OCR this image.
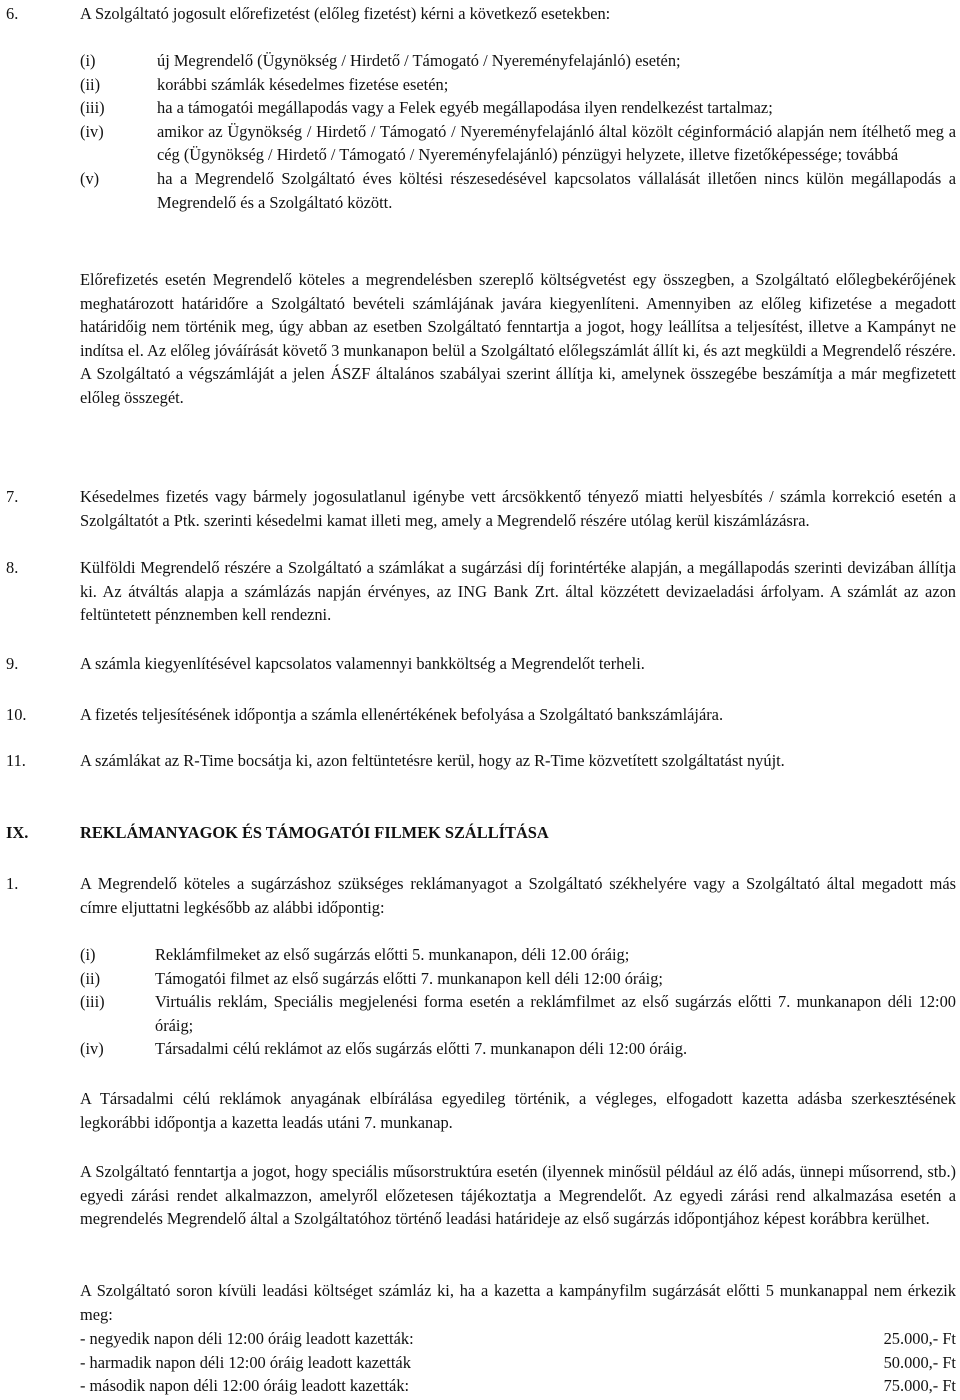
6.	A Szolgáltató jogosult előrefizetést (előleg fizetést) kérni a következő esetekben:
(i)	új Megrendelő (Ügynökség / Hirdető / Támogató / Nyereményfelajánló) esetén;
(ii)	korábbi számlák késedelmes fizetése esetén;
(iii)	ha a támogatói megállapodás vagy a Felek egyéb megállapodása ilyen rendelkezést tartalmaz;
(iv)	amikor az Ügynökség / Hirdető / Támogató / Nyereményfelajánló által közölt céginformáció alapján nem ítélhető meg a cég (Ügynökség / Hirdető / Támogató / Nyereményfelajánló) pénzügyi helyzete, illetve fizetőképessége; továbbá
(v)	ha a Megrendelő Szolgáltató éves költési részesedésével kapcsolatos vállalását illetően nincs külön megállapodás a Megrendelő és a Szolgáltató között.
Előrefizetés esetén Megrendelő köteles a megrendelésben szereplő költségvetést egy összegben, a Szolgáltató előlegbekérőjének meghatározott határidőre a Szolgáltató bevételi számlájának javára kiegyenlíteni. Amennyiben az előleg kifizetése a megadott határidőig nem történik meg, úgy abban az esetben Szolgáltató fenntartja a jogot, hogy leállítsa a teljesítést, illetve a Kampányt ne indítsa el. Az előleg jóváírását követő 3 munkanapon belül a Szolgáltató előlegszámlát állít ki, és azt megküldi a Megrendelő részére. A Szolgáltató a végszámláját a jelen ÁSZF általános szabályai szerint állítja ki, amelynek összegébe beszámítja a már megfizetett előleg összegét.
7.	Késedelmes fizetés vagy bármely jogosulatlanul igénybe vett árcsökkentő tényező miatti helyesbítés / számla korrekció esetén a Szolgáltatót a Ptk. szerinti késedelmi kamat illeti meg, amely a Megrendelő részére utólag kerül kiszámlázásra.
8.	Külföldi Megrendelő részére a Szolgáltató a számlákat a sugárzási díj forintértéke alapján, a megállapodás szerinti devizában állítja ki. Az átváltás alapja a számlázás napján érvényes, az ING Bank Zrt. által közzétett devizaeladási árfolyam. A számlát az azon feltüntetett pénznemben kell rendezni.
9.	A számla kiegyenlítésével kapcsolatos valamennyi bankköltség a Megrendelőt terheli.
10.	A fizetés teljesítésének időpontja a számla ellenértékének befolyása a Szolgáltató bankszámlájára.
11.	A számlákat az R-Time bocsátja ki, azon feltüntetésre kerül, hogy az R-Time közvetített szolgáltatást nyújt.
IX.	REKLÁMANYAGOK ÉS TÁMOGATÓI FILMEK SZÁLLÍTÁSA
1.	A Megrendelő köteles a sugárzáshoz szükséges reklámanyagot a Szolgáltató székhelyére vagy a Szolgáltató által megadott más címre eljuttatni legkésőbb az alábbi időpontig:
(i)	Reklámfilmeket az első sugárzás előtti 5. munkanapon, déli 12.00 óráig;
(ii)	Támogatói filmet az első sugárzás előtti 7. munkanapon kell déli 12:00 óráig;
(iii)	Virtuális reklám, Speciális megjelenési forma esetén a reklámfilmet az első sugárzás előtti 7. munkanapon déli 12:00 óráig;
(iv)	Társadalmi célú reklámot az elős sugárzás előtti 7. munkanapon déli 12:00 óráig.
A Társadalmi célú reklámok anyagának elbírálása egyedileg történik, a végleges, elfogadott kazetta adásba szerkesztésének legkorábbi időpontja a kazetta leadás utáni 7. munkanap.
A Szolgáltató fenntartja a jogot, hogy speciális műsorstruktúra esetén (ilyennek minősül például az élő adás, ünnepi műsorrend, stb.) egyedi zárási rendet alkalmazzon, amelyről előzetesen tájékoztatja a Megrendelőt. Az egyedi zárási rend alkalmazása esetén a megrendelés Megrendelő által a Szolgáltatóhoz történő leadási határideje az első sugárzás időpontjához képest korábbra kerülhet.
A Szolgáltató soron kívüli leadási költséget számláz ki, ha a kazetta a kampányfilm sugárzását előtti 5 munkanappal nem érkezik meg:
- negyedik napon déli 12:00 óráig leadott kazetták:	25.000,- Ft
- harmadik napon déli 12:00 óráig leadott kazetták	50.000,- Ft
- második napon déli 12:00 óráig leadott kazetták:	75.000,- Ft
